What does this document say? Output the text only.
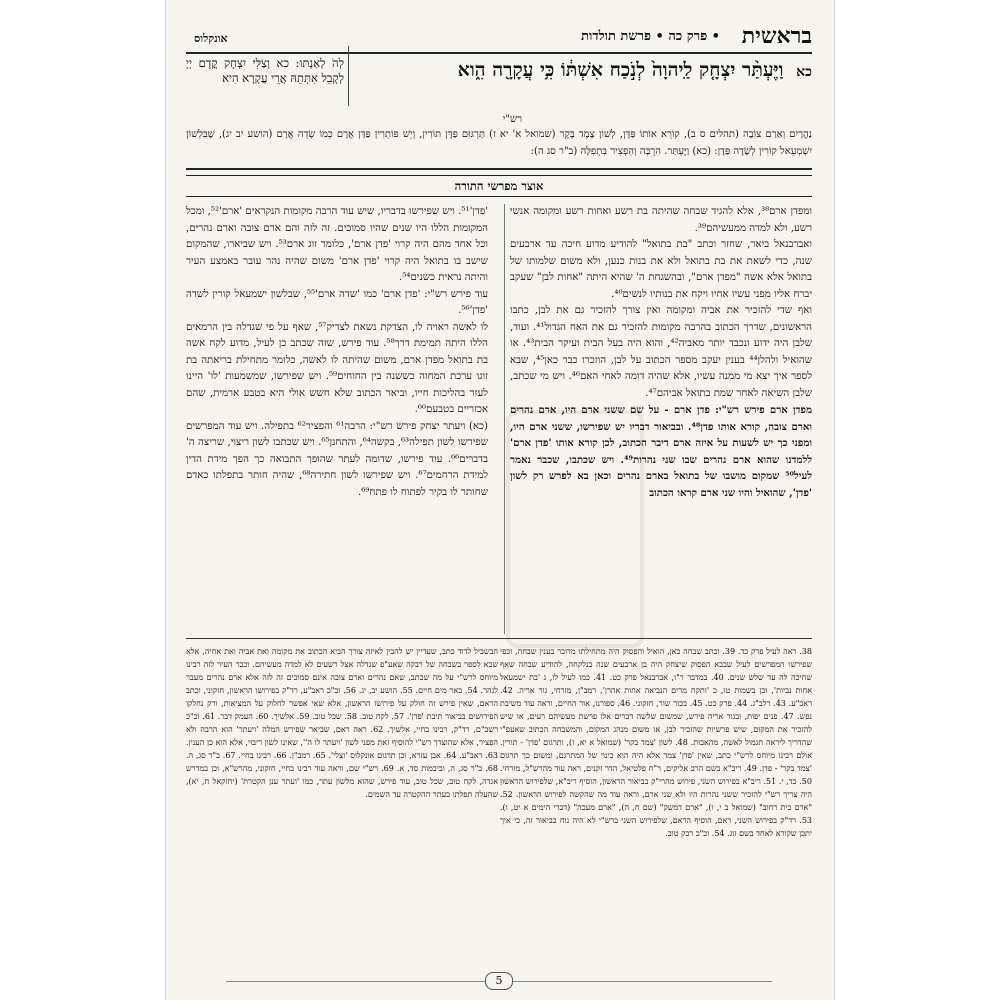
בראשית
• פרק כה • פרשת תולדות
אונקלוס
כא וַיֶּעְתַּ֨ר יִצְחָ֤ק לַֽיהוָה֙ לְנֹ֣כַח אִשְׁתּ֔וֹ כִּ֥י עֲקָרָ֖ה הִ֑וא
לְהֹ לְאַנְתּוּ: כא וְצַלִּי יִצְחָק קֳדָם יְיָ לְקָבֵל אִתְּתֵהּ אֲרֵי עֲקָרָא הִיא
רש"י
נַהֲרַיִם וְאַרַם צוֹבָה (תהלים ס ב), קוֹרֵא אוֹתוֹ פַּדָּן, לְשׁוֹן צֶמֶד בָּקָר (שמואל א' יא ז) תַּרְגּוּם פַּדָּן תּוֹרִין, וְיֵשׁ פּוֹתְרִין פַּדַּן אֲרָם כְּמוֹ שְׂדֵה אֲרָם (הושע יב יג), שֶׁבִּלְשׁוֹן יִשְׁמְעֵאל קוֹרִין לְשָׂדֶה פַּדָּן: (כא) וַיֶּעְתַּר. הִרְבָּה וְהִפְצִיר בִּתְפִלָּה (ב"ר סג ה):
אוצר מפרשי התורה

ומפדן ארם³⁸, אלא להגיד שבחה שהיתה בת רשע ואחות רשע ומקומה אנשי רשע, ולא למדה ממעשיהם³⁹.

ואברבנאל ביאר, שחזר וכתב "בת בתואל" להודיע מדוע חיכה עד ארבעים שנה, כדי לשאת את בת בתואל ולא את בנות כנען, ולא משום שלמותו של בתואל אלא אשה "מפדן ארם", ובהשגחת ה' שהיא היתה "אחות לבן" שעקב יברח אליו מפני עשיו אחיו ויקח את בנותיו לנשים⁴⁰.

ואף שדי להזכיר את אביה ומקומה ואין צורך להזכיר גם את לבן, כתבו הראשונים, שדרך הכתוב בהרבה מקומות להזכיר גם את האח הגדול⁴¹. ועוד, שלבן היה ידוע ונכבד יותר מאביה⁴², והוא היה בעל הבית ועיקר הבית⁴³. או שהואיל ולהלן⁴⁴ בענין יעקב מספר הכתוב על לבן, הוזכרו כבר כאן⁴⁵, שבא לספר איך יצא מי ממנה עשיו, אלא שהיה דומה לאחי האם⁴⁶. ויש מי שכתב, שלבן השיאה לאחר שמת בתואל אביהם⁴⁷.

מפדן ארם פירש רש"י: פדן ארם - על שם ששני ארם היו, ארם נהרים וארם צובה, קורא אותו פדן⁴⁸. ובביאור דבריו יש שפירשו, ששני ארם היו, ומפני כך יש לשעות על איזה ארם דיבר הכתוב, לכן קורא אותו 'פדן ארם' ללמדנו שהוא ארם נהרים שבו שני נהרות⁴⁹. ויש שכתבו, שכבר נאמר לעיל⁵⁰ שמקום מושבו של בתואל בארם נהרים וכאן בא לפרש רק לשון 'פדן', שהואיל והיו שני ארם קראו הכתוב

'פדן'⁵¹. ויש שפירשו בדבריו, שיש עוד הרבה מקומות הנקראים 'ארם'⁵², ומכל המקומות הללו היו שנים שהיו סמוכים. זה לזה והם ארם צובה וארם נהרים, וכל אחד מהם היה קרוי 'פדן ארם', כלומר זוג ארם⁵³. ויש שביארו, שהמקום שישב בו בתואל היה קרוי 'פדן ארם' משום שהיה נהר עובר באמצע העיר והיתה נראית כשנים⁵⁴.

עוד פירש רש"י: 'פדן ארם' כמו 'שדה ארם'⁵⁵, שבלשון ישמעאל קורין לשדה 'פדן'⁵⁶.

לו לאשה ראויה לו, הצדקת נשאת לצדיק⁵⁷, שאף על פי שגדלה בין הרמאים הללו היתה תמימת דרך⁵⁸. עוד פירש, שזה שכתב כן לעיל, מדוע לקח אשה בת בתואל מפדן ארם, משום שהיתה לו לאשה, כלומר מתחילת בריאתה בת זוגו ערכת המחוה כששנה בין החוחים⁵⁹. ויש שפירשו, שמשמעות 'לו' היינו לעזר בהליכות חייו, וביאר הכתוב שלא חשש אולי היא בטבע ארמית, שהם אכזריים בטבעם⁶⁰.

(כא) ויעתר יצחק פירש רש"י: הרבה⁶¹ והפציר⁶² בתפילה. ויש עוד המפרשים שפירשו לשון תפילה⁶³, בקשה⁶⁴, והתחנן⁶⁵. ויש שכתבו לשון ריצוי, שריצה ה' בדברים⁶⁶. עוד פירשו, שדומה לעתר שהופך התבואה כך הפך מידת הדין למידת הרחמים⁶⁷. ויש שפירשו לשון חתירה⁶⁸, שהיה חותר בתפלתו כאדם שחותר לו בקיר לפתוח לו פתח⁶⁹.

38. ראה לעיל פרק כד. 39. וכתב שבחה כאן, הואיל והפסוק היה מתחילתו מדובר בענין שבחה, וכפי שפירשו המפרשים לעיל שבבא הפסוק שיצחק היה בן ארבעים שנה בנלקחה, להודיע שבחה שאף שחיכה לה עד שלש שנים. 40. במדבר ר"ו, אברבנאל פרק כט. 41. כמו לעיל לו, ג 'בת ישמעאל אחות נביות', וכן בשמות טו, כ 'ותקח מרים הנביאה אחות אהרן', רמב"ן, מזרחי, גור אריה. 42. ראב"ע. 43. רלב"ג. 44. פרק כט. 45. בכור שור, חזקוני. 46. ספורנו, אור החיים, וראה עוד משיבת נפש. 47. פנים יפות, ובגור אריה פירש, שמשום שלשה דברים אלו פרשת מעשיהם רעים, או שיש להזכיר את המקום, שיש פרשיות שהזכיר לבן, או משום מנהג המקום, והמשבחה הכתוב שאעפ"י שהדריך ליראה תגמול לאשה, מהאבות. 48. לשון 'צמד בקר' (שמואל א יא, ז), ותרגום 'פדן' - תורין. אולם רבינו מיוחס לרש"י כתב, שאין 'פדן' צמד אלא היה הוא כינוי של המתרגם, ומשום כך תרגום 'צמד בקר' - פדן. 49. ריב"א בשם הרב אליקים, ר"ח פלטיאל, הדר זקנים, ראה עוד מהרש"ל, מזרחי. 50. כד, י. 51. ריב"א בפירוש השני, פירוש מהרי"ק בביאור הראשון, הוסיף ריב"א, שלפירוש הראשון היה צריך רש"י להזכיר ששני נהרות היו ולא שני ארם, וראה עוד מה שהקשה לפירוש הראשון. 52. "ארם בית רחוב" (שמואל ב י, ו), "ארם דמשק" (שם ח, ה), "ארם מעכה" (דברי הימים א יט, ו). 53. רד"ק בפירוש השני, ראם, הוסיף הראם, שלפירוש השני ברש"י לא היה נוח בביאור זה, כי איך יתכן שקורא לאחד בשם זוג. 54. וכ"כ רבק טוב.
הבשביל לדוד כתב, שעדיין יש להבין לאיזה צורך הביא הכתוב את מקומה ואת אביה ואת אחיה, אלא שבא לספר בשבחה של רבקה שאע"פ שגדלה אצל רשעים לא למדה מעשיהם. וכבר העיר לזה רבינו מיוחס לרש"י על מה שכתב, שאם נהרים וארם צובה אינם סמוכים זה לזה אלא ארם נהרים מעבר לנהר. 54. באר מים חיים. 55. הושע יב, יג. 56. וכ"כ ראב"ע, רד"ק בפירושו הראשון, חזקוני, וכתב הראם, שאין פירש זה חולק על פירושו הראשון, אלא שאי אפשר לחלוק על המציאות, ורק נחלקו הפירושים בביאור תיבת 'פדן'. 57. לקח טוב. 58. שכל טוב. 59. אלשיך. 60. העמק דבר. 61. וכ"כ רשב"ם, רד"ק, רבינו בחיי, אלשיך. 62. ראה ראם, שביאר שפירש המלה 'ויעתר' הוא הרבה ולא הפציר, אלא שהוצרך רש"י להוסיף זאת מפני לשון 'ויעתר לו ה'', שאינו לשון ריבוי, אלא הוא כן הענין. 63. ראב"ע. 64. אבן עזרא, וכן תרגום אונקלוס 'וצלי'. 65. רמב"ן. 66. רבינו בחיי. 67. ב"ר סג, ה. 68. ב"ר סג, ה, וביבמות סד, א. 69. רש"י שם, וראה עוד רבינו בחיי, חזקוני, מהרש"א, וכן במדרש אגדה, לקח טוב, שכל טוב, עוד פירש, שהוא מלשון עתר, כמו 'ועתר ענן הקטרת' (יחזקאל ח, יא), שהעלה תפלתו כעתר ההקטרה עד השמים.
5
